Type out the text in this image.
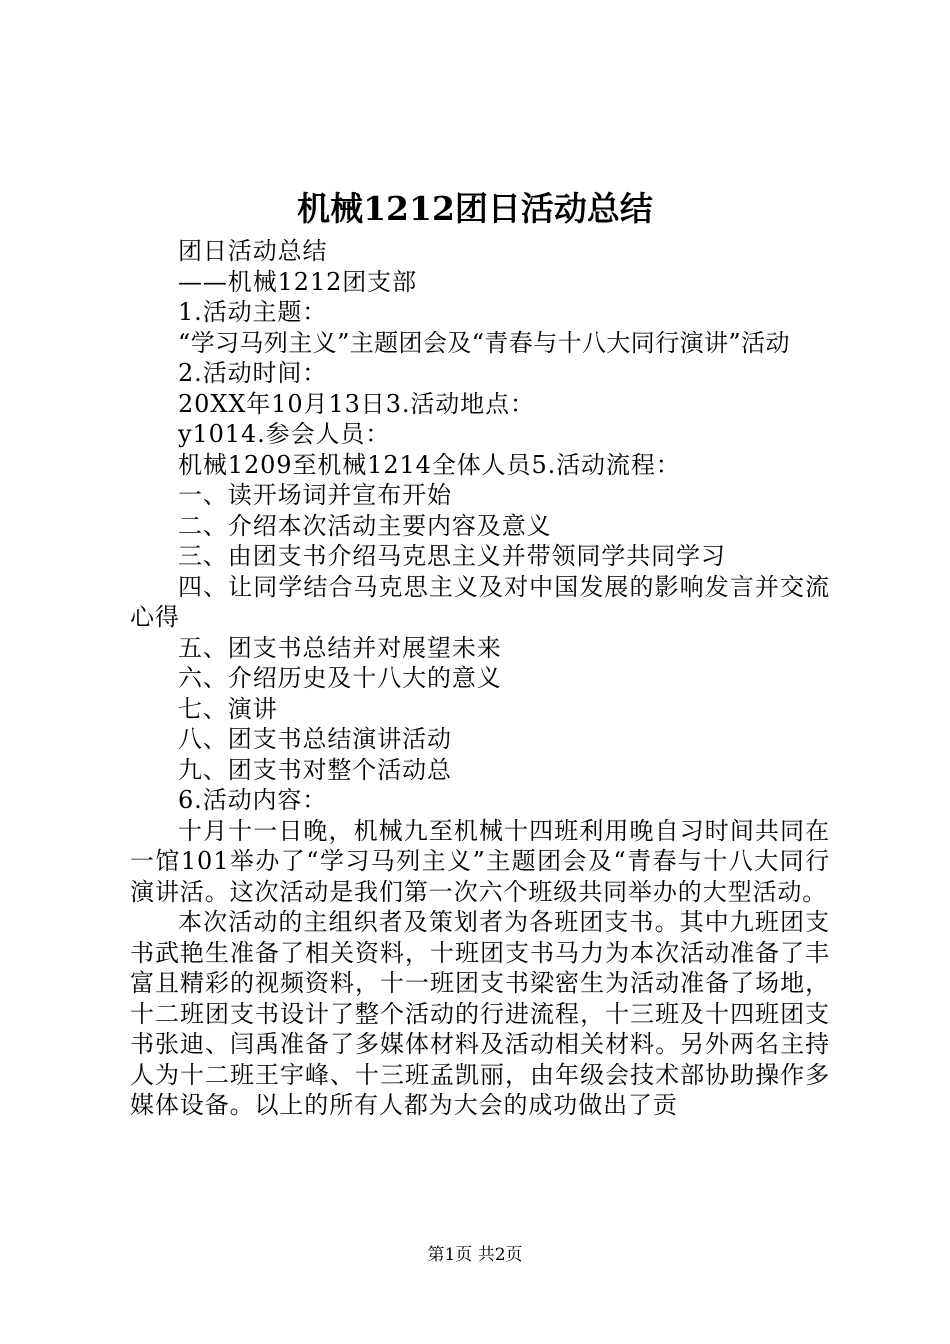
机械1212团日活动总结

团日活动总结

——机械1212团支部

1.活动主题：

“学习马列主义”主题团会及“青春与十八大同行演讲”活动

2.活动时间：

20XX年10月13日3.活动地点：

y1014.参会人员：

机械1209至机械1214全体人员5.活动流程：

一、读开场词并宣布开始

二、介绍本次活动主要内容及意义

三、由团支书介绍马克思主义并带领同学共同学习

四、让同学结合马克思主义及对中国发展的影响发言并交流心得

五、团支书总结并对展望未来

六、介绍历史及十八大的意义

七、演讲

八、团支书总结演讲活动

九、团支书对整个活动总

6.活动内容：

十月十一日晚，机械九至机械十四班利用晚自习时间共同在一馆101举办了“学习马列主义”主题团会及“青春与十八大同行演讲活。这次活动是我们第一次六个班级共同举办的大型活动。

本次活动的主组织者及策划者为各班团支书。其中九班团支书武艳生准备了相关资料，十班团支书马力为本次活动准备了丰富且精彩的视频资料，十一班团支书梁密生为活动准备了场地，十二班团支书设计了整个活动的行进流程，十三班及十四班团支书张迪、闫禹准备了多媒体材料及活动相关材料。另外两名主持人为十二班王宇峰、十三班孟凯丽，由年级会技术部协助操作多媒体设备。以上的所有人都为大会的成功做出了贡

第1页 共2页
